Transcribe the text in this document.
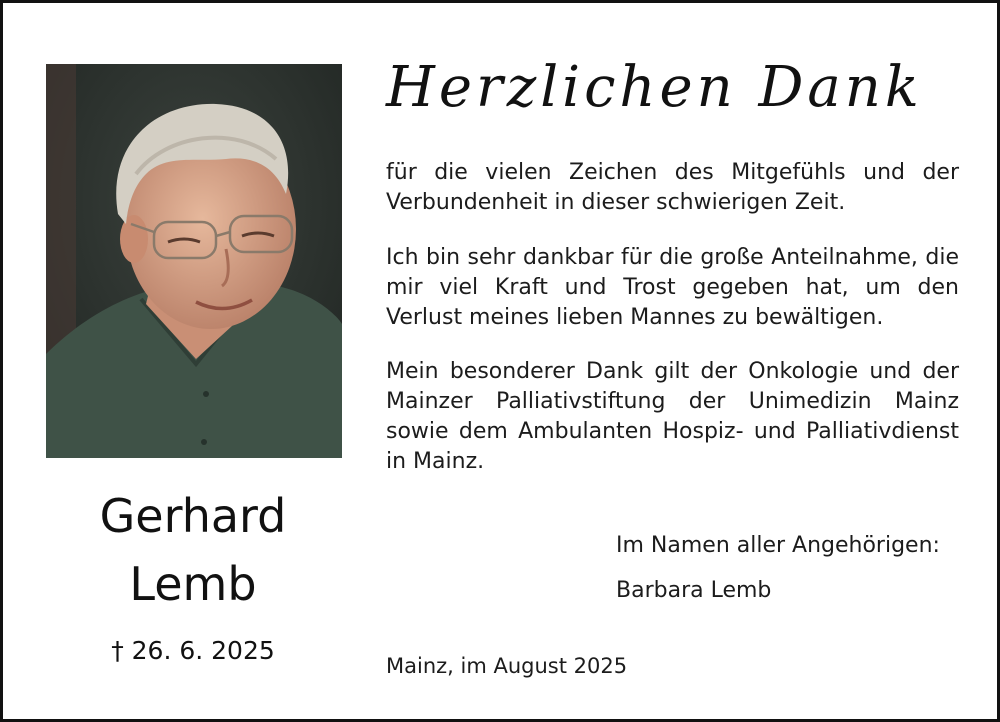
Gerhard
Lemb
† 26. 6. 2025
Herzlichen Dank
für die vielen Zeichen des Mitgefühls und der Verbundenheit in dieser schwierigen Zeit.
Ich bin sehr dankbar für die große Anteilnahme, die mir viel Kraft und Trost gegeben hat, um den Verlust meines lieben Mannes zu bewältigen.
Mein besonderer Dank gilt der Onkologie und der Mainzer Palliativstiftung der Unimedizin Mainz sowie dem Ambulanten Hospiz- und Palliativdienst in Mainz.
Im Namen aller Angehörigen:
Barbara Lemb
Mainz, im August 2025
